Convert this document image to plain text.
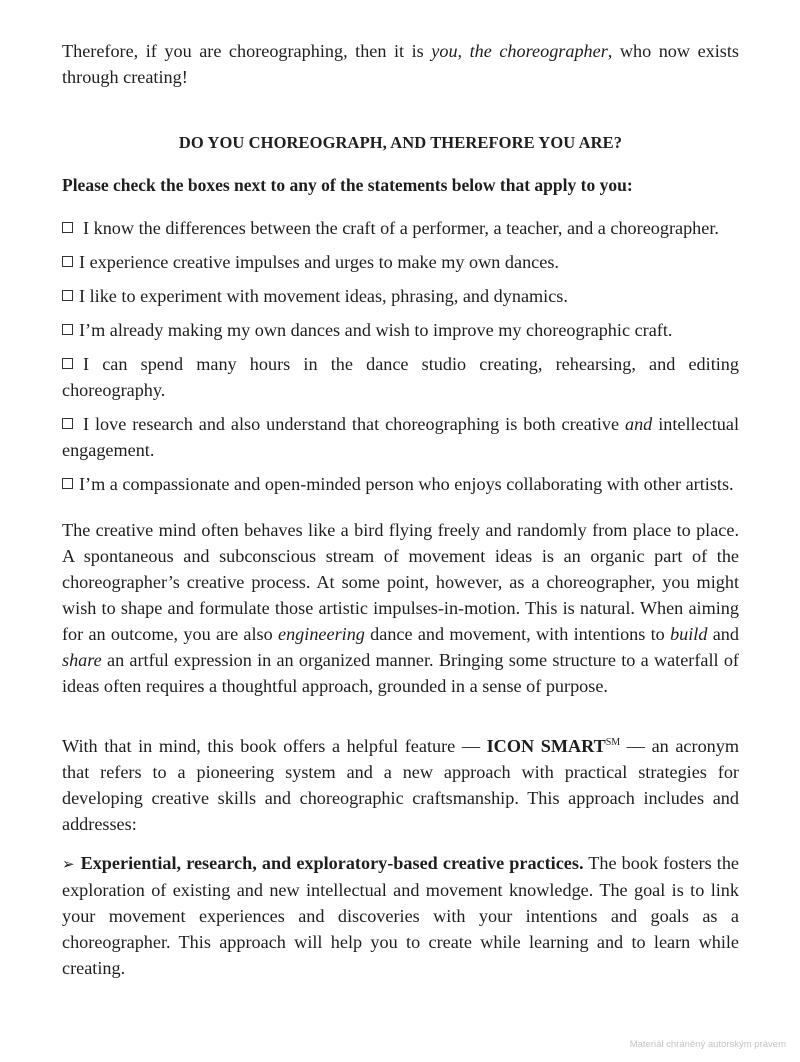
Therefore, if you are choreographing, then it is you, the choreographer, who now exists through creating!

DO YOU CHOREOGRAPH, AND THEREFORE YOU ARE?
Please check the boxes next to any of the statements below that apply to you:

I know the differences between the craft of a performer, a teacher, and a choreographer.

I experience creative impulses and urges to make my own dances.

I like to experiment with movement ideas, phrasing, and dynamics.

I’m already making my own dances and wish to improve my choreographic craft.

I can spend many hours in the dance studio creating, rehearsing, and editing choreography.

I love research and also understand that choreographing is both creative and intellectual engagement.

I’m a compassionate and open-minded person who enjoys collaborating with other artists.

The creative mind often behaves like a bird flying freely and randomly from place to place. A spontaneous and subconscious stream of movement ideas is an organic part of the choreographer’s creative process. At some point, however, as a choreographer, you might wish to shape and formulate those artistic impulses-in-motion. This is natural. When aiming for an outcome, you are also engineering dance and movement, with intentions to build and share an artful expression in an organized manner. Bringing some structure to a waterfall of ideas often requires a thoughtful approach, grounded in a sense of purpose.

With that in mind, this book offers a helpful feature — ICON SMART℠ — an acronym that refers to a pioneering system and a new approach with practical strategies for developing creative skills and choreographic craftsmanship. This approach includes and addresses:

➢ Experiential, research, and exploratory-based creative practices. The book fosters the exploration of existing and new intellectual and movement knowledge. The goal is to link your movement experiences and discoveries with your intentions and goals as a choreographer. This approach will help you to create while learning and to learn while creating.

Materiál chráněný autorským právem
